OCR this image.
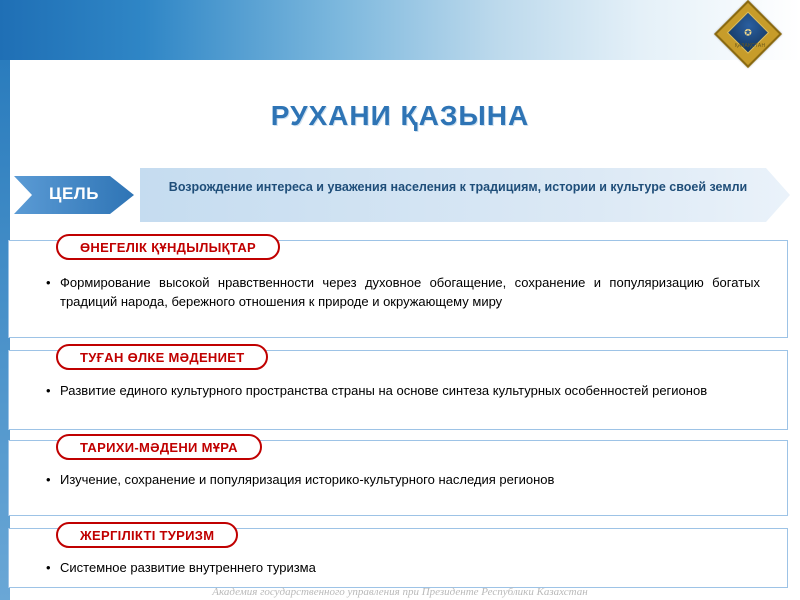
✪
ҚАЗАҚСТАН
РУХАНИ ҚАЗЫНА
ЦЕЛЬ	Возрождение интереса и уважения населения к традициям, истории и культуре своей земли
ӨНЕГЕЛІК ҚҰНДЫЛЫҚТАР
• Формирование высокой нравственности через духовное обогащение, сохранение и популяризацию богатых традиций народа, бережного отношения к природе и окружающему миру
ТУҒАН ӨЛКЕ МӘДЕНИЕТ
• Развитие единого культурного пространства страны на основе синтеза культурных особенностей регионов
ТАРИХИ-МӘДЕНИ МҰРА
• Изучение, сохранение и популяризация историко-культурного наследия регионов
ЖЕРГІЛІКТІ ТУРИЗМ
• Системное развитие внутреннего туризма
Академия государственного управления при Президенте Республики Казахстан
